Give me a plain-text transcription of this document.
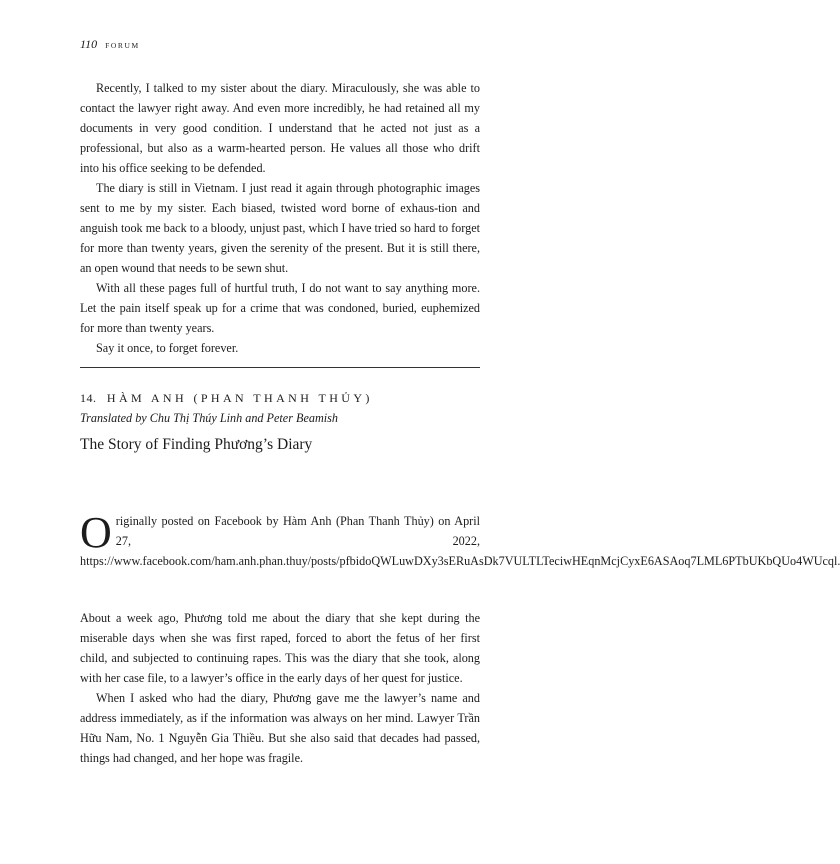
110 FORUM

Recently, I talked to my sister about the diary. Miraculously, she was able to contact the lawyer right away. And even more incredibly, he had retained all my documents in very good condition. I understand that he acted not just as a professional, but also as a warm-hearted person. He values all those who drift into his office seeking to be defended.

The diary is still in Vietnam. I just read it again through photographic images sent to me by my sister. Each biased, twisted word borne of exhaus-tion and anguish took me back to a bloody, unjust past, which I have tried so hard to forget for more than twenty years, given the serenity of the present. But it is still there, an open wound that needs to be sewn shut.

With all these pages full of hurtful truth, I do not want to say anything more. Let the pain itself speak up for a crime that was condoned, buried, euphemized for more than twenty years.

Say it once, to forget forever.

14. HÀM ANH (PHAN THANH THỦY)
Translated by Chu Thị Thúy Linh and Peter Beamish
The Story of Finding Phương’s Diary

Originally posted on Facebook by Hàm Anh (Phan Thanh Thủy) on April 27, 2022, https://www.facebook.com/ham.anh.phan.thuy/posts/pfbidoQWLuwDXy3sERuAsDk7VULTLTeciwHEqnMcjCyxE6ASAoq7LML6PTbUKbQUo4WUcql.

About a week ago, Phương told me about the diary that she kept during the miserable days when she was first raped, forced to abort the fetus of her first child, and subjected to continuing rapes. This was the diary that she took, along with her case file, to a lawyer’s office in the early days of her quest for justice.

When I asked who had the diary, Phương gave me the lawyer’s name and address immediately, as if the information was always on her mind. Lawyer Trần Hữu Nam, No. 1 Nguyễn Gia Thiều. But she also said that decades had passed, things had changed, and her hope was fragile.
